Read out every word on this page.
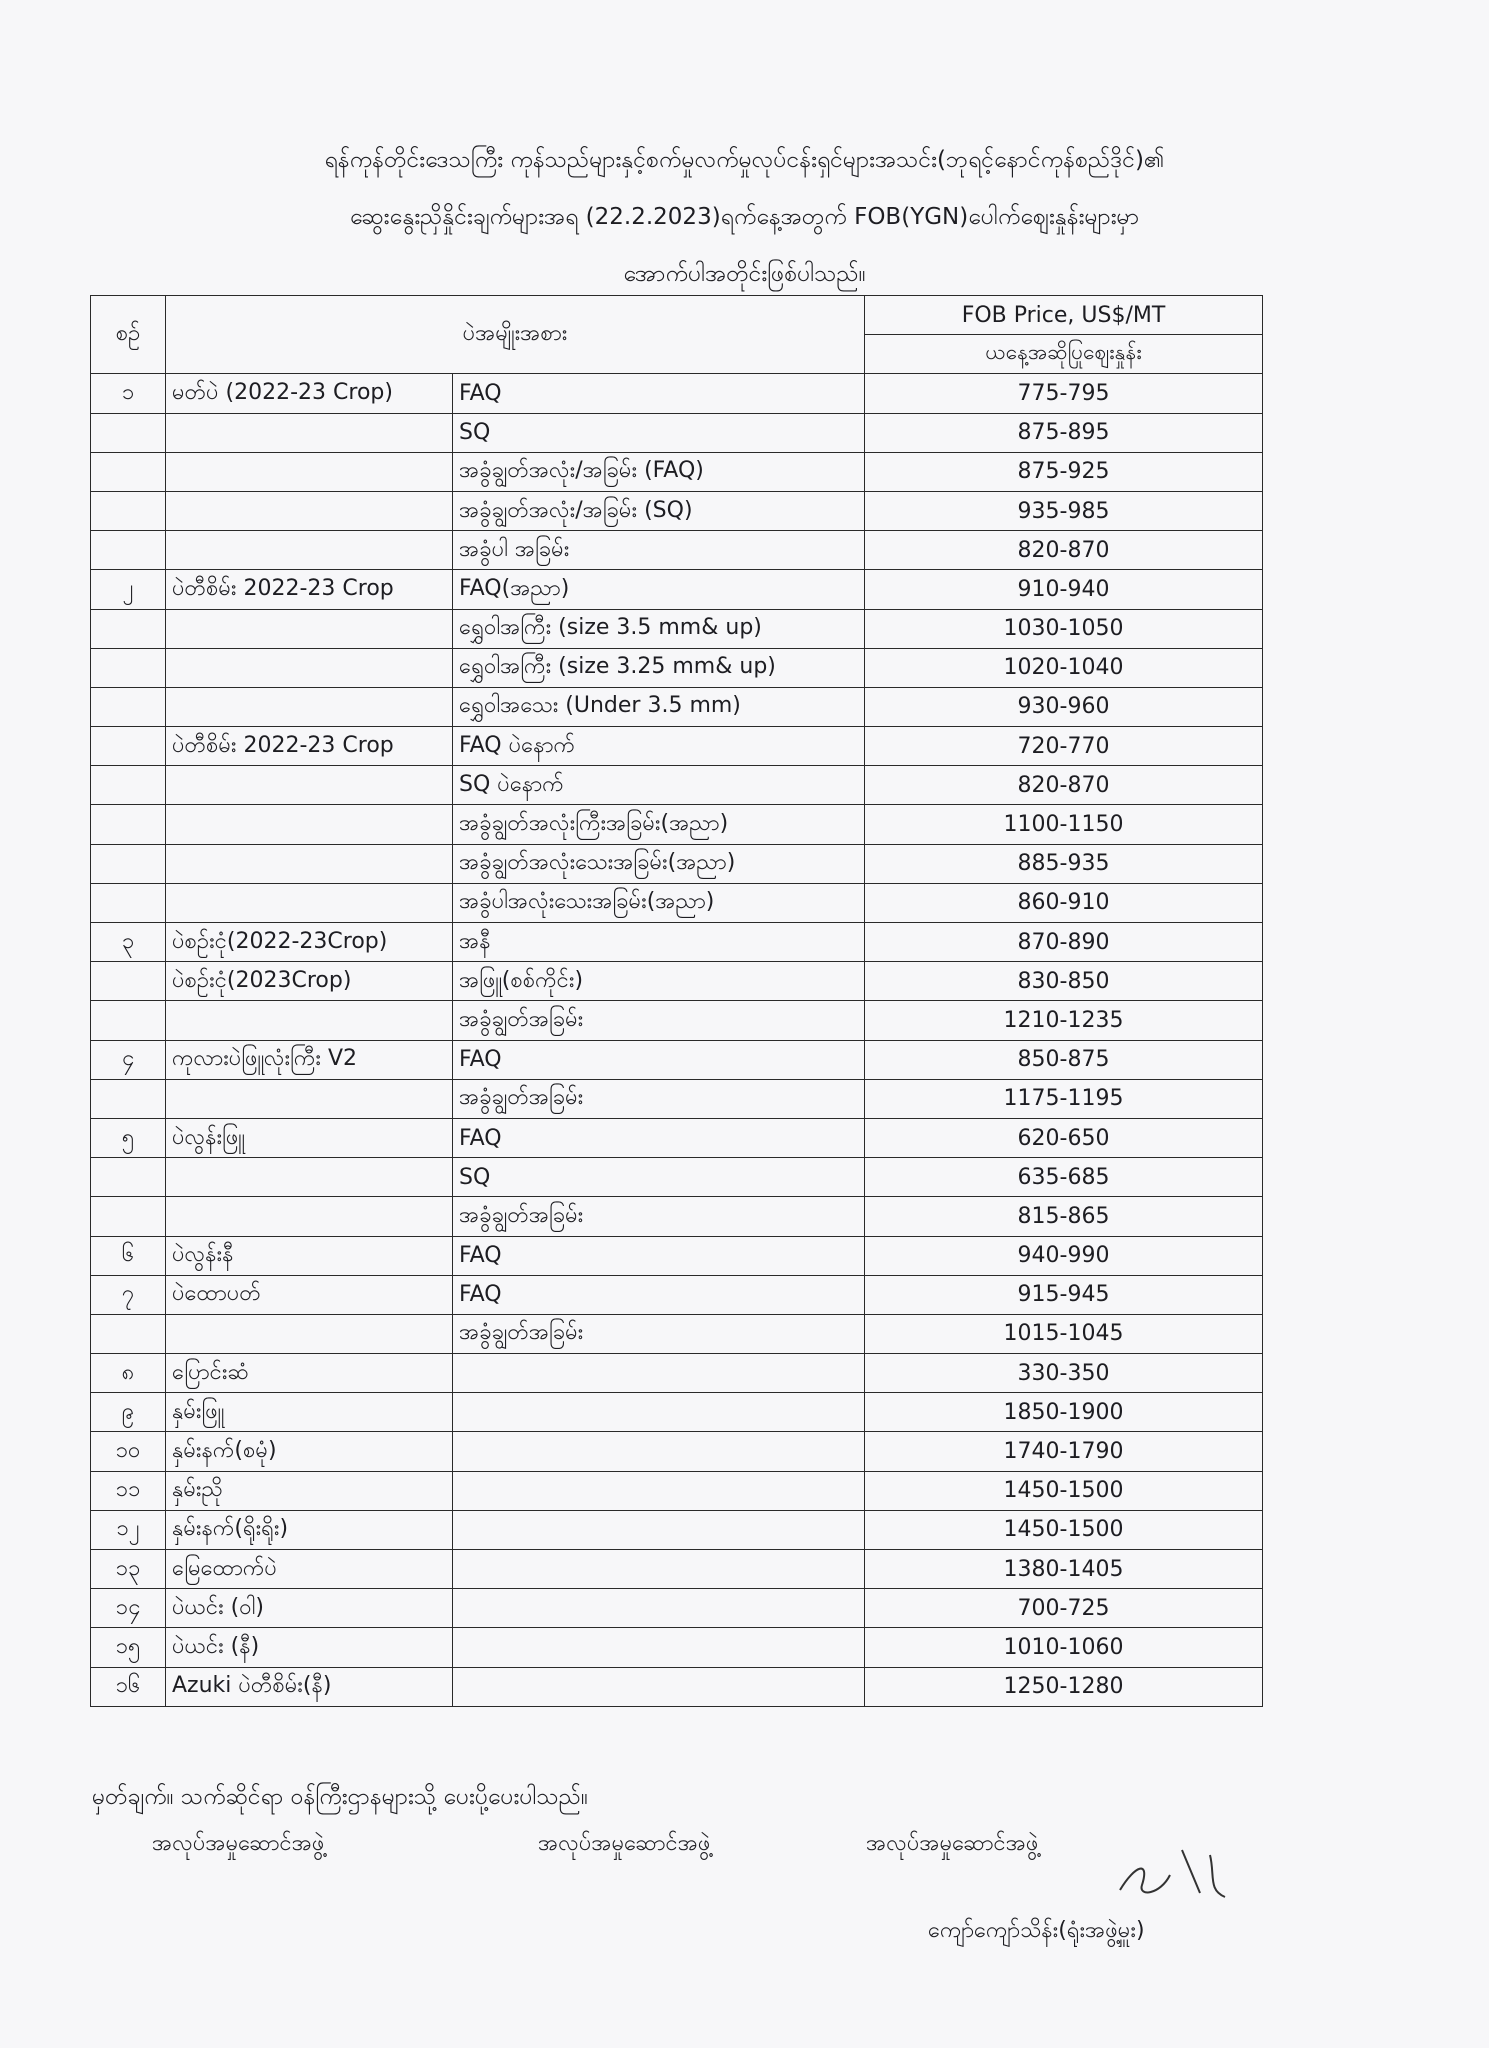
ရန်ကုန်တိုင်းဒေသကြီး ကုန်သည်များနှင့်စက်မှုလက်မှုလုပ်ငန်းရှင်များအသင်း(ဘုရင့်နောင်ကုန်စည်ဒိုင်)၏
ဆွေးနွေးညှိနှိုင်းချက်များအရ (22.2.2023)ရက်နေ့အတွက် FOB(YGN)ပေါက်ဈေးနှုန်းများမှာ
အောက်ပါအတိုင်းဖြစ်ပါသည်။
စဉ်	ပဲအမျိုးအစား		FOB Price, US$/MT
			ယနေ့အဆိုပြုဈေးနှုန်း
၁	မတ်ပဲ (2022-23 Crop)	FAQ	775-795
		SQ	875-895
		အခွံချွတ်အလုံး/အခြမ်း (FAQ)	875-925
		အခွံချွတ်အလုံး/အခြမ်း (SQ)	935-985
		အခွံပါ အခြမ်း	820-870
၂	ပဲတီစိမ်း 2022-23 Crop	FAQ(အညာ)	910-940
		ရွှေဝါအကြီး (size 3.5 mm& up)	1030-1050
		ရွှေဝါအကြီး (size 3.25 mm& up)	1020-1040
		ရွှေဝါအသေး (Under 3.5 mm)	930-960
	ပဲတီစိမ်း 2022-23 Crop	FAQ ပဲနောက်	720-770
		SQ ပဲနောက်	820-870
		အခွံချွတ်အလုံးကြီးအခြမ်း(အညာ)	1100-1150
		အခွံချွတ်အလုံးသေးအခြမ်း(အညာ)	885-935
		အခွံပါအလုံးသေးအခြမ်း(အညာ)	860-910
၃	ပဲစဉ်းငုံ(2022-23Crop)	အနီ	870-890
	ပဲစဉ်းငုံ(2023Crop)	အဖြူ(စစ်ကိုင်း)	830-850
		အခွံချွတ်အခြမ်း	1210-1235
၄	ကုလားပဲဖြူလုံးကြီး V2	FAQ	850-875
		အခွံချွတ်အခြမ်း	1175-1195
၅	ပဲလွန်းဖြူ	FAQ	620-650
		SQ	635-685
		အခွံချွတ်အခြမ်း	815-865
၆	ပဲလွန်းနီ	FAQ	940-990
၇	ပဲထောပတ်	FAQ	915-945
		အခွံချွတ်အခြမ်း	1015-1045
၈	ပြောင်းဆံ		330-350
၉	နှမ်းဖြူ		1850-1900
၁၀	နှမ်းနက်(စမုံ)		1740-1790
၁၁	နှမ်းညို		1450-1500
၁၂	နှမ်းနက်(ရိုးရိုး)		1450-1500
၁၃	မြေထောက်ပဲ		1380-1405
၁၄	ပဲယင်း (ဝါ)		700-725
၁၅	ပဲယင်း (နီ)		1010-1060
၁၆	Azuki ပဲတီစိမ်း(နီ)		1250-1280
မှတ်ချက်။ သက်ဆိုင်ရာ ဝန်ကြီးဌာနများသို့ ပေးပို့ပေးပါသည်။
အလုပ်အမှုဆောင်အဖွဲ့	အလုပ်အမှုဆောင်အဖွဲ့	အလုပ်အမှုဆောင်အဖွဲ့
ကျော်ကျော်သိန်း(ရုံးအဖွဲ့မှူး)
